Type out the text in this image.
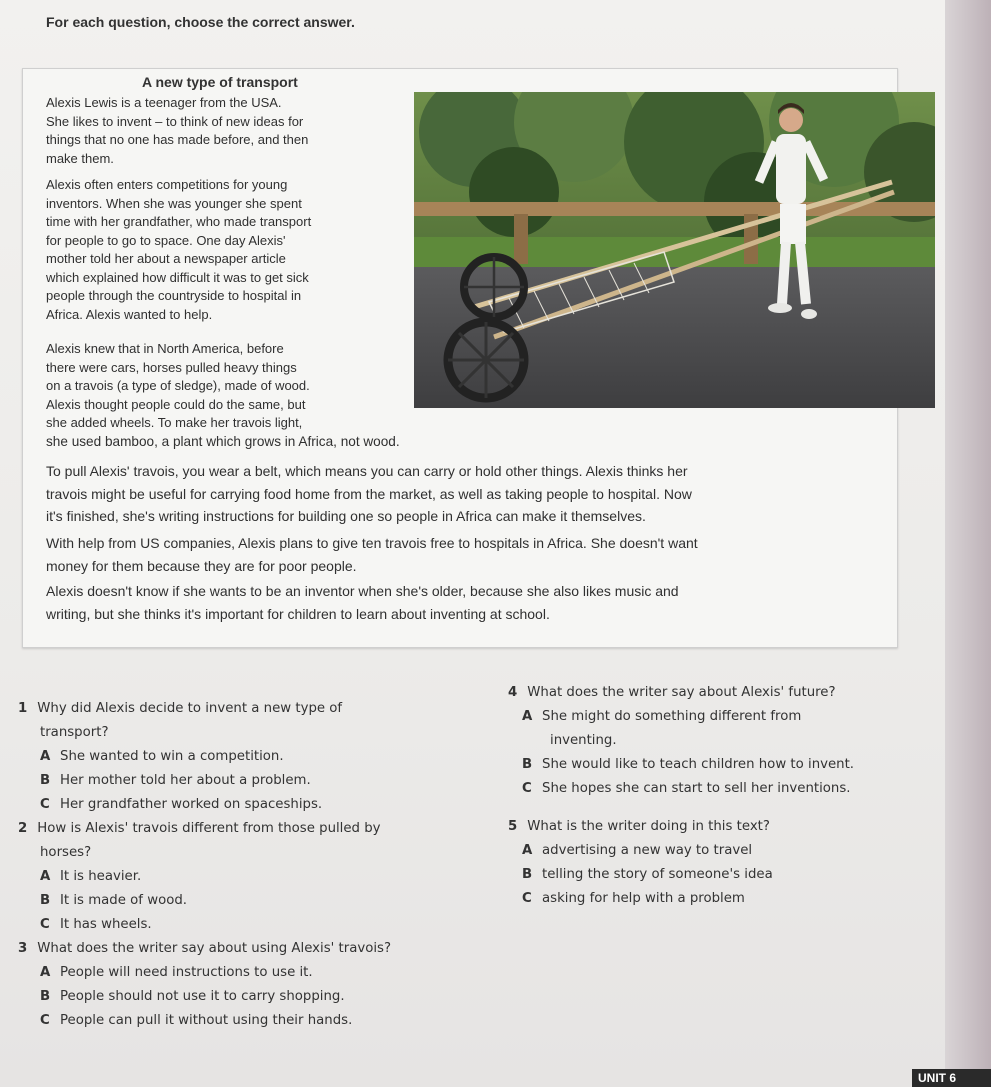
For each question, choose the correct answer.
A new type of transport
Alexis Lewis is a teenager from the USA.
She likes to invent – to think of new ideas for
things that no one has made before, and then
make them.
Alexis often enters competitions for young
inventors. When she was younger she spent
time with her grandfather, who made transport
for people to go to space. One day Alexis'
mother told her about a newspaper article
which explained how difficult it was to get sick
people through the countryside to hospital in
Africa. Alexis wanted to help.
Alexis knew that in North America, before
there were cars, horses pulled heavy things
on a travois (a type of sledge), made of wood.
Alexis thought people could do the same, but
she added wheels. To make her travois light,
she used bamboo, a plant which grows in Africa, not wood.
To pull Alexis' travois, you wear a belt, which means you can carry or hold other things. Alexis thinks her
travois might be useful for carrying food home from the market, as well as taking people to hospital. Now
it's finished, she's writing instructions for building one so people in Africa can make it themselves.
With help from US companies, Alexis plans to give ten travois free to hospitals in Africa. She doesn't want
money for them because they are for poor people.
Alexis doesn't know if she wants to be an inventor when she's older, because she also likes music and
writing, but she thinks it's important for children to learn about inventing at school.
1 Why did Alexis decide to invent a new type of
transport?
A She wanted to win a competition.
B Her mother told her about a problem.
C Her grandfather worked on spaceships.
2 How is Alexis' travois different from those pulled by
horses?
A It is heavier.
B It is made of wood.
C It has wheels.
3 What does the writer say about using Alexis' travois?
A People will need instructions to use it.
B People should not use it to carry shopping.
C People can pull it without using their hands.
4 What does the writer say about Alexis' future?
A She might do something different from
inventing.
B She would like to teach children how to invent.
C She hopes she can start to sell her inventions.
5 What is the writer doing in this text?
A advertising a new way to travel
B telling the story of someone's idea
C asking for help with a problem
UNIT 6
